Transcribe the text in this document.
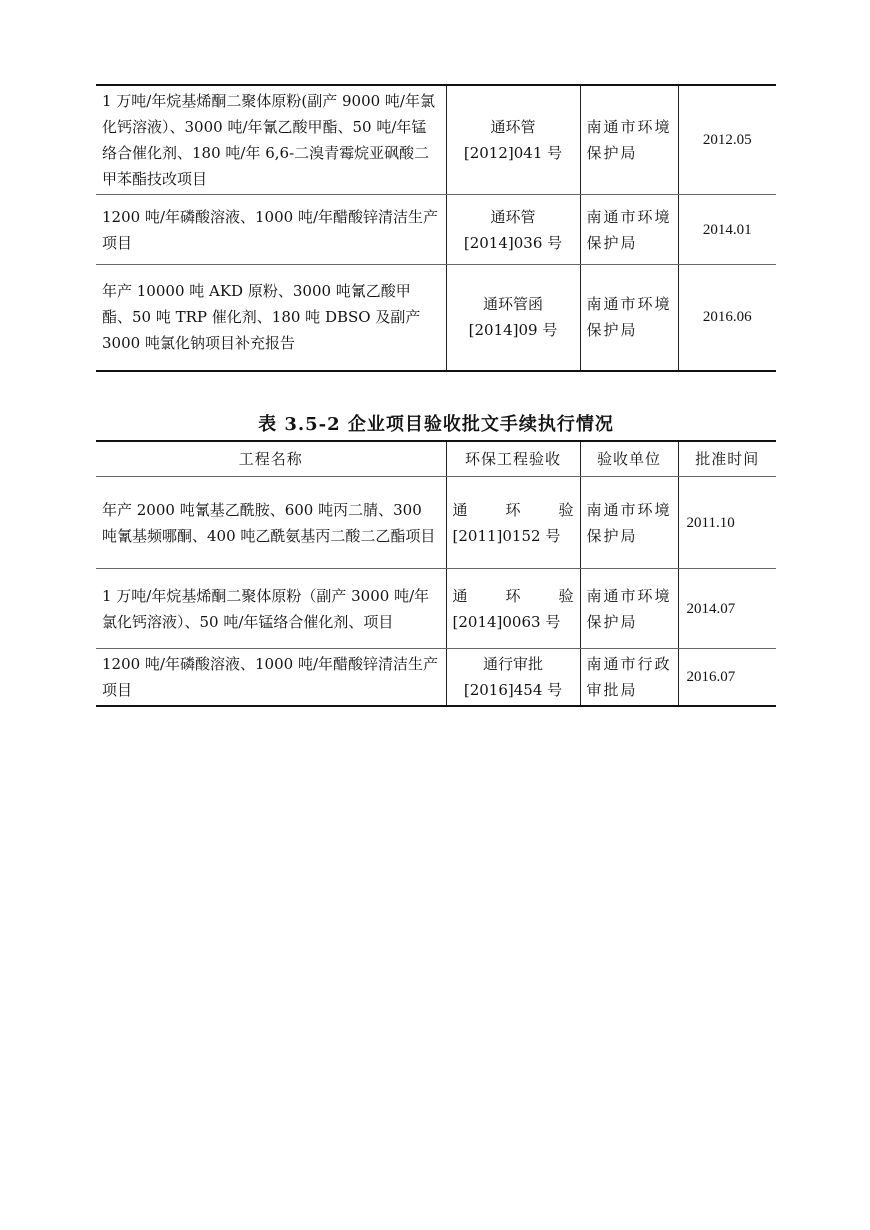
1 万吨/年烷基烯酮二聚体原粉(副产 9000 吨/年氯化钙溶液）、3000 吨/年氰乙酸甲酯、50 吨/年锰络合催化剂、180 吨/年 6,6-二溴青霉烷亚砜酸二甲苯酯技改项目	通环管[2012]041 号	南通市环境保护局	2012.05
1200 吨/年磷酸溶液、1000 吨/年醋酸锌清洁生产项目	通环管[2014]036 号	南通市环境保护局	2014.01
年产 10000 吨 AKD 原粉、3000 吨氰乙酸甲酯、50 吨 TRP 催化剂、180 吨 DBSO 及副产 3000 吨氯化钠项目补充报告	通环管函[2014]09 号	南通市环境保护局	2016.06
表 3.5-2 企业项目验收批文手续执行情况
工程名称	环保工程验收	验收单位	批准时间
年产 2000 吨氰基乙酰胺、600 吨丙二腈、300 吨氰基频哪酮、400 吨乙酰氨基丙二酸二乙酯项目	通 环 验[2011]0152 号	南通市环境保护局	2011.10
1 万吨/年烷基烯酮二聚体原粉（副产 3000 吨/年氯化钙溶液）、50 吨/年锰络合催化剂、项目	通 环 验[2014]0063 号	南通市环境保护局	2014.07
1200 吨/年磷酸溶液、1000 吨/年醋酸锌清洁生产项目	通行审批[2016]454 号	南通市行政审批局	2016.07
